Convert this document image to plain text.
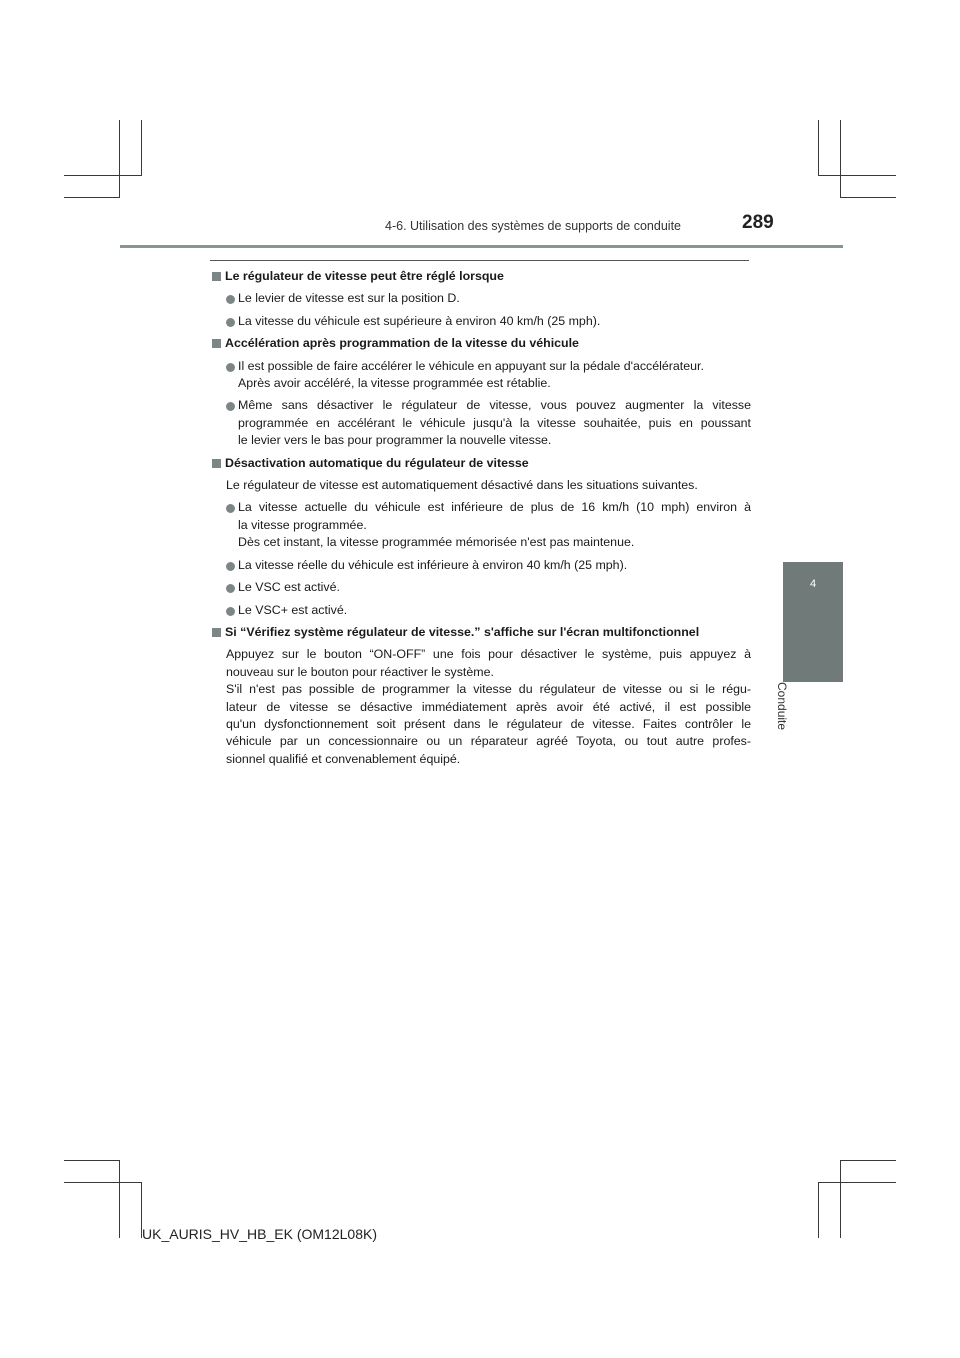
4-6. Utilisation des systèmes de supports de conduite	289
4
Conduite
Le régulateur de vitesse peut être réglé lorsque
Le levier de vitesse est sur la position D.
La vitesse du véhicule est supérieure à environ 40 km/h (25 mph).
Accélération après programmation de la vitesse du véhicule
Il est possible de faire accélérer le véhicule en appuyant sur la pédale d'accélérateur.
Après avoir accéléré, la vitesse programmée est rétablie.
Même sans désactiver le régulateur de vitesse, vous pouvez augmenter la vitesse
programmée en accélérant le véhicule jusqu'à la vitesse souhaitée, puis en poussant
le levier vers le bas pour programmer la nouvelle vitesse.
Désactivation automatique du régulateur de vitesse
Le régulateur de vitesse est automatiquement désactivé dans les situations suivantes.
La vitesse actuelle du véhicule est inférieure de plus de 16 km/h (10 mph) environ à
la vitesse programmée.
Dès cet instant, la vitesse programmée mémorisée n'est pas maintenue.
La vitesse réelle du véhicule est inférieure à environ 40 km/h (25 mph).
Le VSC est activé.
Le VSC+ est activé.
Si “Vérifiez système régulateur de vitesse.” s'affiche sur l'écran multifonctionnel
Appuyez sur le bouton “ON-OFF” une fois pour désactiver le système, puis appuyez à
nouveau sur le bouton pour réactiver le système.
S'il n'est pas possible de programmer la vitesse du régulateur de vitesse ou si le régu-
lateur de vitesse se désactive immédiatement après avoir été activé, il est possible
qu'un dysfonctionnement soit présent dans le régulateur de vitesse. Faites contrôler le
véhicule par un concessionnaire ou un réparateur agréé Toyota, ou tout autre profes-
sionnel qualifié et convenablement équipé.
UK_AURIS_HV_HB_EK (OM12L08K)
